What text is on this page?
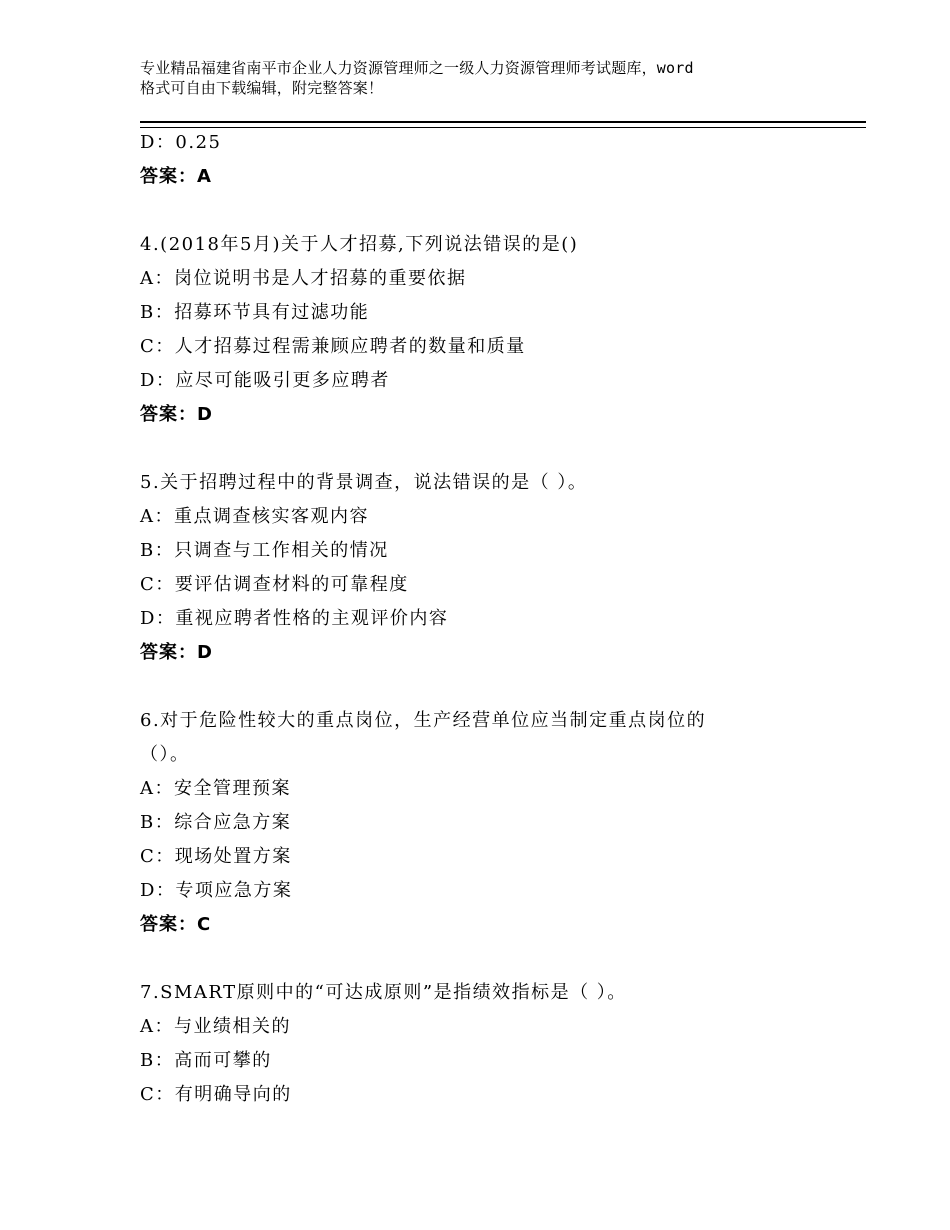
专业精品福建省南平市企业人力资源管理师之一级人力资源管理师考试题库，word
格式可自由下载编辑，附完整答案！
D：0.25
答案：A
4.(2018年5月)关于人才招募,下列说法错误的是()
A：岗位说明书是人才招募的重要依据
B：招募环节具有过滤功能
C：人才招募过程需兼顾应聘者的数量和质量
D：应尽可能吸引更多应聘者
答案：D
5.关于招聘过程中的背景调查，说法错误的是（ ）。
A：重点调查核实客观内容
B：只调查与工作相关的情况
C：要评估调查材料的可靠程度
D：重视应聘者性格的主观评价内容
答案：D
6.对于危险性较大的重点岗位，生产经营单位应当制定重点岗位的
（）。
A：安全管理预案
B：综合应急方案
C：现场处置方案
D：专项应急方案
答案：C
7.SMART原则中的“可达成原则”是指绩效指标是（ ）。
A：与业绩相关的
B：高而可攀的
C：有明确导向的
